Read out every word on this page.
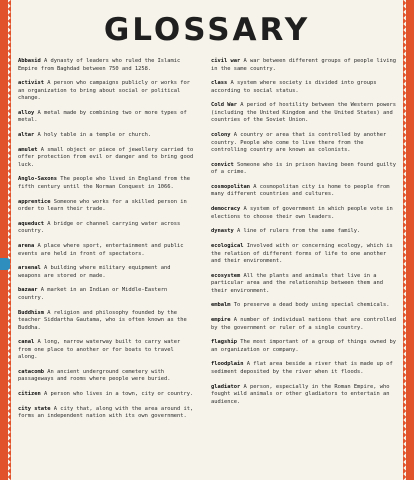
GLOSSARY
Abbasid A dynasty of leaders who ruled the Islamic Empire from Baghdad between 750 and 1258.
activist A person who campaigns publicly or works for an organization to bring about social or political change.
alloy A metal made by combining two or more types of metal.
altar A holy table in a temple or church.
amulet A small object or piece of jewellery carried to offer protection from evil or danger and to bring good luck.
Anglo-Saxons The people who lived in England from the fifth century until the Norman Conquest in 1066.
apprentice Someone who works for a skilled person in order to learn their trade.
aqueduct A bridge or channel carrying water across country.
arena A place where sport, entertainment and public events are held in front of spectators.
arsenal A building where military equipment and weapons are stored or made.
bazaar A market in an Indian or Middle-Eastern country.
Buddhism A religion and philosophy founded by the teacher Siddartha Gautama, who is often known as the Buddha.
canal A long, narrow waterway built to carry water from one place to another or for boats to travel along.
catacomb An ancient underground cemetery with passageways and rooms where people were buried.
citizen A person who lives in a town, city or country.
city state A city that, along with the area around it, forms an independent nation with its own government.
civil war A war between different groups of people living in the same country.
class A system where society is divided into groups according to social status.
Cold War A period of hostility between the Western powers (including the United Kingdom and the United States) and countries of the Soviet Union.
colony A country or area that is controlled by another country. People who come to live there from the controlling country are known as colonists.
convict Someone who is in prison having been found guilty of a crime.
cosmopolitan A cosmopolitan city is home to people from many different countries and cultures.
democracy A system of government in which people vote in elections to choose their own leaders.
dynasty A line of rulers from the same family.
ecological Involved with or concerning ecology, which is the relation of different forms of life to one another and their environment.
ecosystem All the plants and animals that live in a particular area and the relationship between them and their environment.
embalm To preserve a dead body using special chemicals.
empire A number of individual nations that are controlled by the government or ruler of a single country.
flagship The most important of a group of things owned by an organization or company.
floodplain A flat area beside a river that is made up of sediment deposited by the river when it floods.
gladiator A person, especially in the Roman Empire, who fought wild animals or other gladiators to entertain an audience.
